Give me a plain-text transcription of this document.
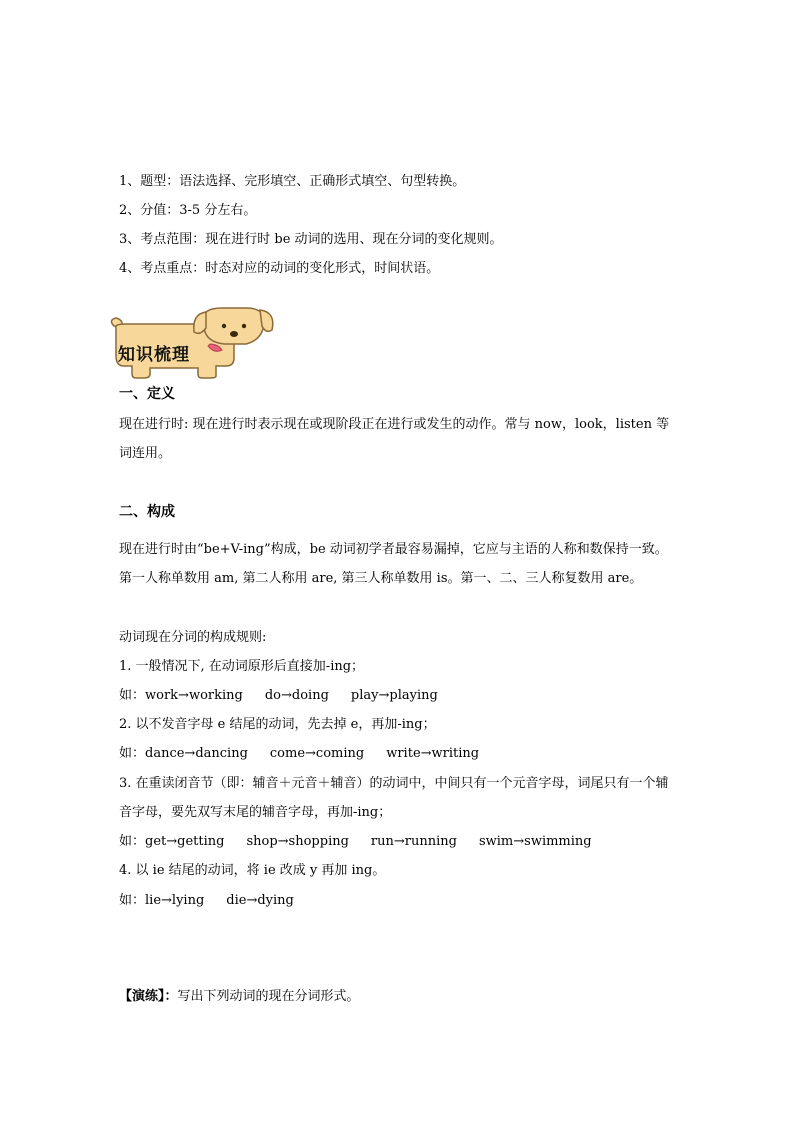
1、题型：语法选择、完形填空、正确形式填空、句型转换。
2、分值：3-5 分左右。
3、考点范围：现在进行时 be 动词的选用、现在分词的变化规则。
4、考点重点：时态对应的动词的变化形式，时间状语。
知识梳理
一、定义
现在进行时: 现在进行时表示现在或现阶段正在进行或发生的动作。常与 now，look，listen 等词连用。
二、构成
现在进行时由“be+V-ing”构成，be 动词初学者最容易漏掉，它应与主语的人称和数保持一致。第一人称单数用 am, 第二人称用 are, 第三人称单数用 is。第一、二、三人称复数用 are。
动词现在分词的构成规则:
1. 一般情况下, 在动词原形后直接加-ing；
如：work→working do→doing play→playing
2. 以不发音字母 e 结尾的动词，先去掉 e，再加-ing；
如：dance→dancing come→coming write→writing
3. 在重读闭音节（即：辅音＋元音＋辅音）的动词中，中间只有一个元音字母，词尾只有一个辅音字母，要先双写末尾的辅音字母，再加-ing；
如：get→getting shop→shopping run→running swim→swimming
4. 以 ie 结尾的动词，将 ie 改成 y 再加 ing。
如：lie→lying die→dying
【演练】：写出下列动词的现在分词形式。
